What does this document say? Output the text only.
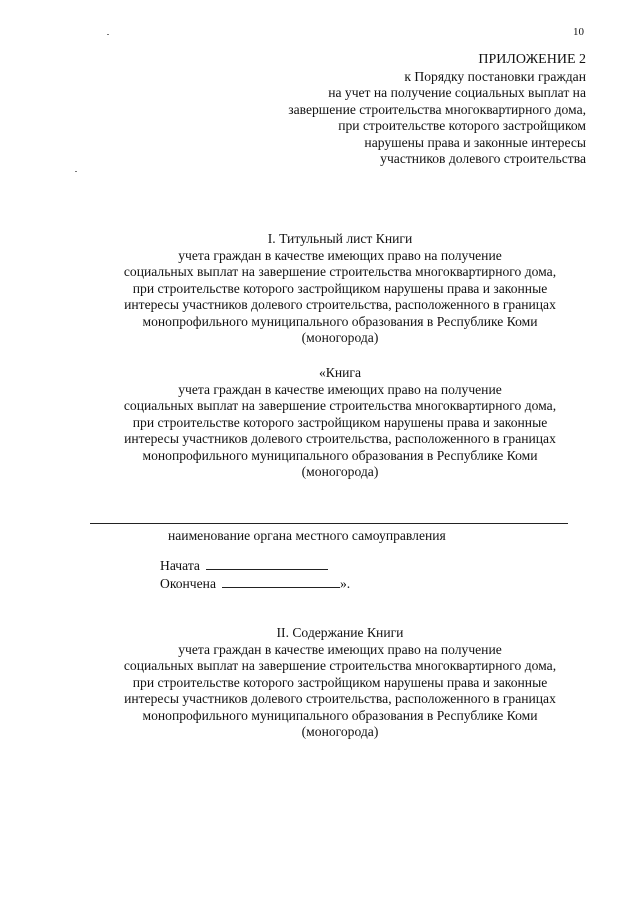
10
ПРИЛОЖЕНИЕ 2
к Порядку постановки граждан
на учет на получение социальных выплат на
завершение строительства многоквартирного дома,
при строительстве которого застройщиком
нарушены права и законные интересы
участников долевого строительства
I. Титульный лист Книги
учета граждан в качестве имеющих право на получение
социальных выплат на завершение строительства многоквартирного дома,
при строительстве которого застройщиком нарушены права и законные
интересы участников долевого строительства, расположенного в границах
монопрофильного муниципального образования в Республике Коми
(моногорода)
«Книга
учета граждан в качестве имеющих право на получение
социальных выплат на завершение строительства многоквартирного дома,
при строительстве которого застройщиком нарушены права и законные
интересы участников долевого строительства, расположенного в границах
монопрофильного муниципального образования в Республике Коми
(моногорода)
наименование органа местного самоуправления
Начата
Окончена	».
II. Содержание Книги
учета граждан в качестве имеющих право на получение
социальных выплат на завершение строительства многоквартирного дома,
при строительстве которого застройщиком нарушены права и законные
интересы участников долевого строительства, расположенного в границах
монопрофильного муниципального образования в Республике Коми
(моногорода)
